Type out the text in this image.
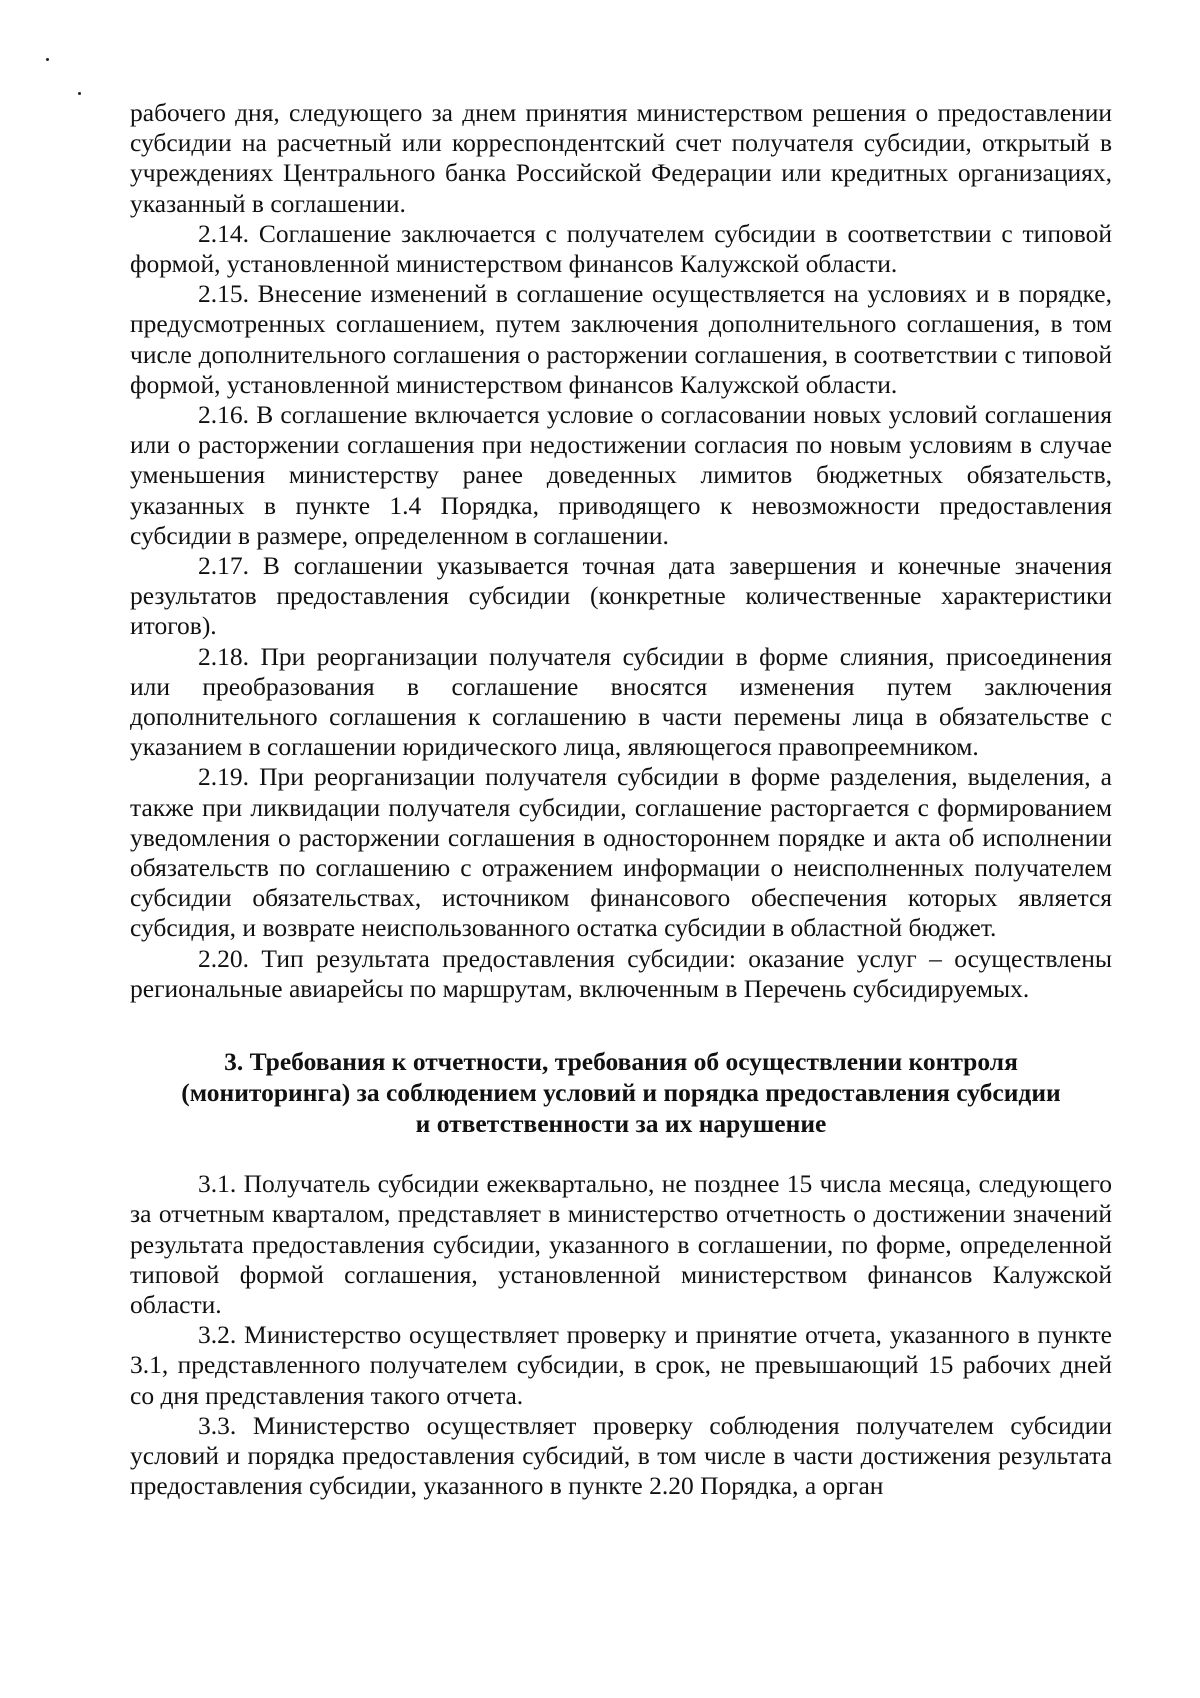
рабочего дня, следующего за днем принятия министерством решения о предоставлении субсидии на расчетный или корреспондентский счет получателя субсидии, открытый в учреждениях Центрального банка Российской Федерации или кредитных организациях, указанный в соглашении.

2.14. Соглашение заключается с получателем субсидии в соответствии с типовой формой, установленной министерством финансов Калужской области.

2.15. Внесение изменений в соглашение осуществляется на условиях и в порядке, предусмотренных соглашением, путем заключения дополнительного соглашения, в том числе дополнительного соглашения о расторжении соглашения, в соответствии с типовой формой, установленной министерством финансов Калужской области.

2.16. В соглашение включается условие о согласовании новых условий соглашения или о расторжении соглашения при недостижении согласия по новым условиям в случае уменьшения министерству ранее доведенных лимитов бюджетных обязательств, указанных в пункте 1.4 Порядка, приводящего к невозможности предоставления субсидии в размере, определенном в соглашении.

2.17. В соглашении указывается точная дата завершения и конечные значения результатов предоставления субсидии (конкретные количественные характеристики итогов).

2.18. При реорганизации получателя субсидии в форме слияния, присоединения или преобразования в соглашение вносятся изменения путем заключения дополнительного соглашения к соглашению в части перемены лица в обязательстве с указанием в соглашении юридического лица, являющегося правопреемником.

2.19. При реорганизации получателя субсидии в форме разделения, выделения, а также при ликвидации получателя субсидии, соглашение расторгается с формированием уведомления о расторжении соглашения в одностороннем порядке и акта об исполнении обязательств по соглашению с отражением информации о неисполненных получателем субсидии обязательствах, источником финансового обеспечения которых является субсидия, и возврате неиспользованного остатка субсидии в областной бюджет.

2.20. Тип результата предоставления субсидии: оказание услуг – осуществлены региональные авиарейсы по маршрутам, включенным в Перечень субсидируемых.

3. Требования к отчетности, требования об осуществлении контроля
(мониторинга) за соблюдением условий и порядка предоставления субсидии
и ответственности за их нарушение

3.1. Получатель субсидии ежеквартально, не позднее 15 числа месяца, следующего за отчетным кварталом, представляет в министерство отчетность о достижении значений результата предоставления субсидии, указанного в соглашении, по форме, определенной типовой формой соглашения, установленной министерством финансов Калужской области.

3.2. Министерство осуществляет проверку и принятие отчета, указанного в пункте 3.1, представленного получателем субсидии, в срок, не превышающий 15 рабочих дней со дня представления такого отчета.

3.3. Министерство осуществляет проверку соблюдения получателем субсидии условий и порядка предоставления субсидий, в том числе в части достижения результата предоставления субсидии, указанного в пункте 2.20 Порядка, а орган
